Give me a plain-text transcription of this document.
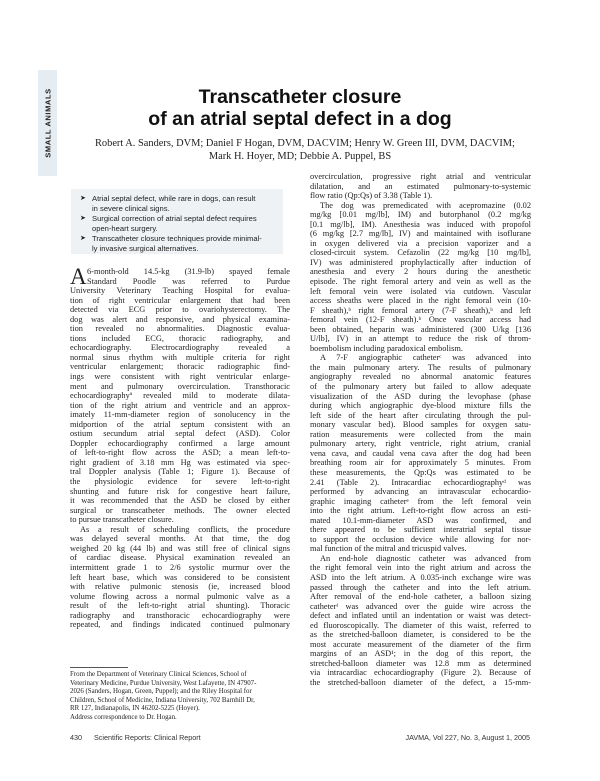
SMALL ANIMALS	Transcatheter closure
of an atrial septal defect in a dog
Robert A. Sanders, DVM; Daniel F Hogan, DVM, DACVIM; Henry W. Green III, DVM, DACVIM;
Mark H. Hoyer, MD; Debbie A. Puppel, BS
➤ Atrial septal defect, while rare in dogs, can result
in severe clinical signs.
➤ Surgical correction of atrial septal defect requires
open-heart surgery.
➤ Transcatheter closure techniques provide minimal-
ly invasive surgical alternatives.
A 6-month-old 14.5-kg (31.9-lb) spayed female
Standard Poodle was referred to Purdue
University Veterinary Teaching Hospital for evalua-
tion of right ventricular enlargement that had been
detected via ECG prior to ovariohysterectomy. The
dog was alert and responsive, and physical examina-
tion revealed no abnormalities. Diagnostic evalua-
tions included ECG, thoracic radiography, and
echocardiography. Electrocardiography revealed a
normal sinus rhythm with multiple criteria for right
ventricular enlargement; thoracic radiographic find-
ings were consistent with right ventricular enlarge-
ment and pulmonary overcirculation. Transthoracic
echocardiographyª revealed mild to moderate dilata-
tion of the right atrium and ventricle and an approx-
imately 11-mm-diameter region of sonolucency in the
midportion of the atrial septum consistent with an
ostium secundum atrial septal defect (ASD). Color
Doppler echocardiography confirmed a large amount
of left-to-right flow across the ASD; a mean left-to-
right gradient of 3.18 mm Hg was estimated via spec-
tral Doppler analysis (Table 1; Figure 1). Because of
the physiologic evidence for severe left-to-right
shunting and future risk for congestive heart failure,
it was recommended that the ASD be closed by either
surgical or transcatheter methods. The owner elected
to pursue transcatheter closure.
As a result of scheduling conflicts, the procedure
was delayed several months. At that time, the dog
weighed 20 kg (44 lb) and was still free of clinical signs
of cardiac disease. Physical examination revealed an
intermittent grade 1 to 2/6 systolic murmur over the
left heart base, which was considered to be consistent
with relative pulmonic stenosis (ie, increased blood
volume flowing across a normal pulmonic valve as a
result of the left-to-right atrial shunting). Thoracic
radiography and transthoracic echocardiography were
repeated, and findings indicated continued pulmonary
overcirculation, progressive right atrial and ventricular
dilatation, and an estimated pulmonary-to-systemic
flow ratio (Qp:Qs) of 3.38 (Table 1).
The dog was premedicated with acepromazine (0.02
mg/kg [0.01 mg/lb], IM) and butorphanol (0.2 mg/kg
[0.1 mg/lb], IM). Anesthesia was induced with propofol
(6 mg/kg [2.7 mg/lb], IV) and maintained with isoflurane
in oxygen delivered via a precision vaporizer and a
closed-circuit system. Cefazolin (22 mg/kg [10 mg/lb],
IV) was administered prophylactically after induction of
anesthesia and every 2 hours during the anesthetic
episode. The right femoral artery and vein as well as the
left femoral vein were isolated via cutdown. Vascular
access sheaths were placed in the right femoral vein (10-
F sheath),ᵇ right femoral artery (7-F sheath),ᵇ and left
femoral vein (12-F sheath).ᵇ Once vascular access had
been obtained, heparin was administered (300 U/kg [136
U/lb], IV) in an attempt to reduce the risk of throm-
boembolism including paradoxical embolism.
A 7-F angiographic catheterᶜ was advanced into
the main pulmonary artery. The results of pulmonary
angiography revealed no abnormal anatomic features
of the pulmonary artery but failed to allow adequate
visualization of the ASD during the levophase (phase
during which angiographic dye-blood mixture fills the
left side of the heart after circulating through the pul-
monary vascular bed). Blood samples for oxygen satu-
ration measurements were collected from the main
pulmonary artery, right ventricle, right atrium, cranial
vena cava, and caudal vena cava after the dog had been
breathing room air for approximately 5 minutes. From
these measurements, the Qp:Qs was estimated to be
2.41 (Table 2). Intracardiac echocardiographyᵈ was
performed by advancing an intravascular echocardio-
graphic imaging catheterᵉ from the left femoral vein
into the right atrium. Left-to-right flow across an esti-
mated 10.1-mm-diameter ASD was confirmed, and
there appeared to be sufficient interatrial septal tissue
to support the occlusion device while allowing for nor-
mal function of the mitral and tricuspid valves.
An end-hole diagnostic catheter was advanced from
the right femoral vein into the right atrium and across the
ASD into the left atrium. A 0.035-inch exchange wire was
passed through the catheter and into the left atrium.
After removal of the end-hole catheter, a balloon sizing
catheterᶠ was advanced over the guide wire across the
defect and inflated until an indentation or waist was detect-
ed fluoroscopically. The diameter of this waist, referred to
as the stretched-balloon diameter, is considered to be the
most accurate measurement of the diameter of the firm
margins of an ASD¹; in the dog of this report, the
stretched-balloon diameter was 12.8 mm as determined
via intracardiac echocardiography (Figure 2). Because of
the stretched-balloon diameter of the defect, a 15-mm-
From the Department of Veterinary Clinical Sciences, School of
Veterinary Medicine, Purdue University, West Lafayette, IN 47907-
2026 (Sanders, Hogan, Green, Puppel); and the Riley Hospital for
Children, School of Medicine, Indiana University, 702 Barnhill Dr,
RR 127, Indianapolis, IN 46202-5225 (Hoyer).
Address correspondence to Dr. Hogan.
430 Scientific Reports: Clinical Report	JAVMA, Vol 227, No. 3, August 1, 2005
